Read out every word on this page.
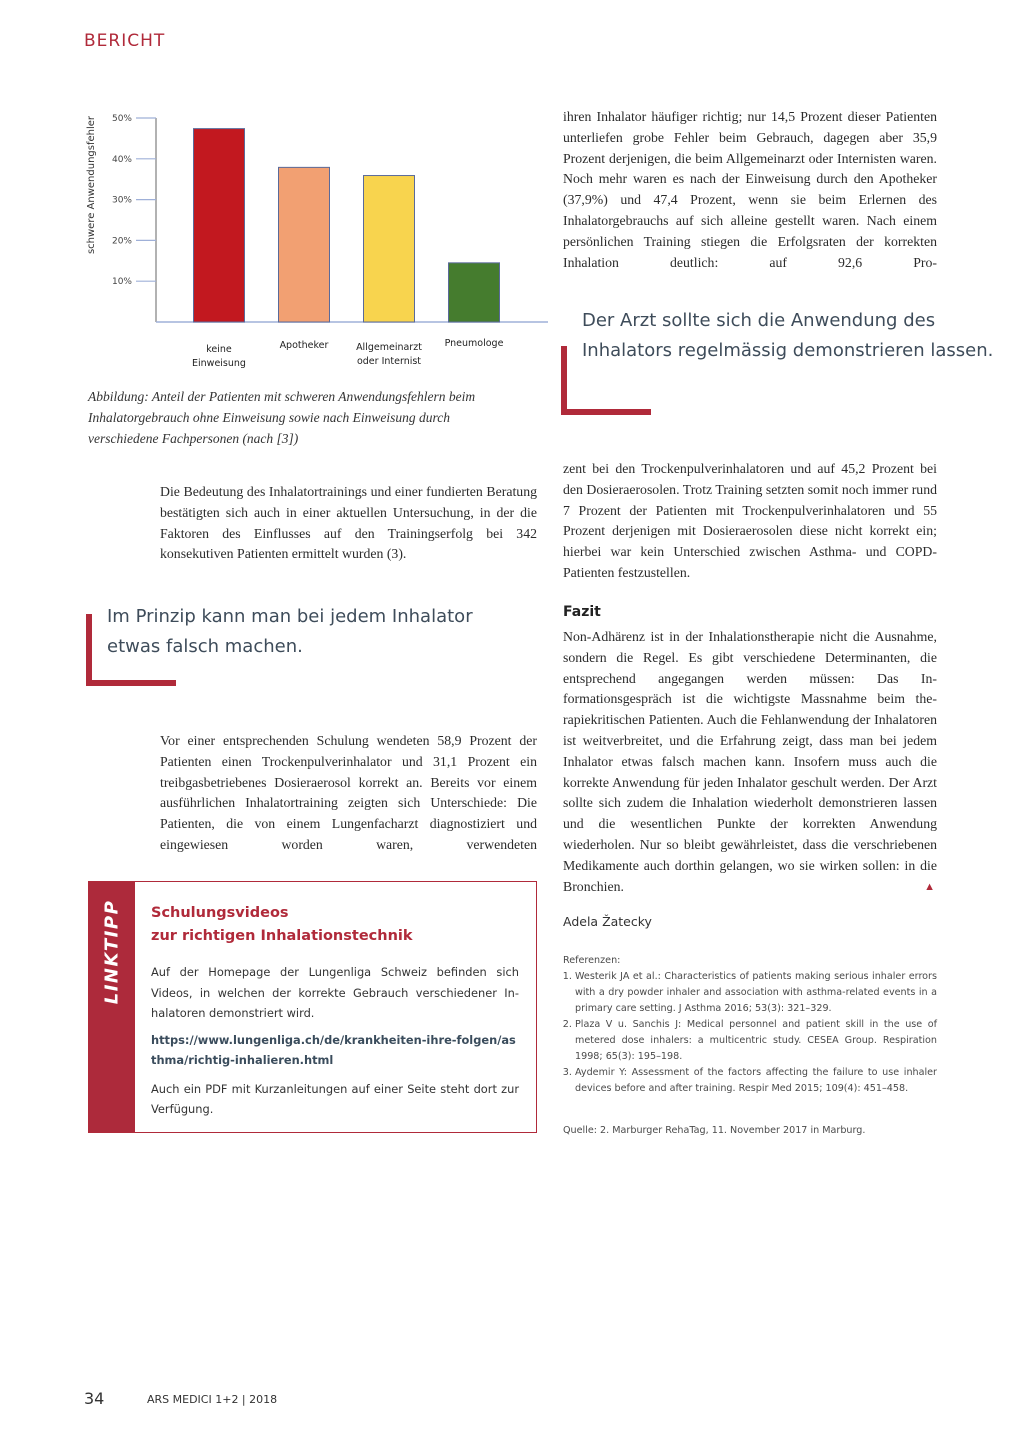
BERICHT
10%
20%
30%
40%
50%
schwere Anwendungsfehler
keine
Einweisung
Apotheker	Allgemeinarzt
oder Internist
Pneumologe
Abbildung: Anteil der Patienten mit schweren Anwendungsfehlern beim Inhalatorgebrauch ohne Einweisung sowie nach Einweisung durch verschiedene Fachpersonen (nach [3])

Die Bedeutung des Inhalatortrainings und einer fundierten Beratung bestätigten sich auch in einer aktuellen Untersuchung, in der die Faktoren des Einflusses auf den Trainingserfolg bei 342 konsekutiven Patienten ermittelt wurden (3).

Im Prinzip kann man bei jedem Inhalator etwas falsch machen.

Vor einer entsprechenden Schulung wendeten 58,9 Prozent der Patienten einen Trockenpulverinhalator und 31,1 Prozent ein treibgasbetriebenes Dosieraerosol korrekt an. Bereits vor einem ausführlichen Inhalatortraining zeigten sich Unterschiede: Die Patienten, die von einem Lungenfacharzt diagnostiziert und eingewiesen worden waren, verwendeten

LINKTIPP Schulungsvideos
zur richtigen Inhalationstechnik

Auf der Homepage der Lungenliga Schweiz befinden sich Videos, in welchen der korrekte Gebrauch verschiedener Inhalatoren demonstriert wird.

https://www.lungenliga.ch/de/krankheiten-ihre-folgen/asthma/richtig-inhalieren.html

Auch ein PDF mit Kurzanleitungen auf einer Seite steht dort zur Verfügung.

ihren Inhalator häufiger richtig; nur 14,5 Prozent dieser Patienten unterliefen grobe Fehler beim Gebrauch, dagegen aber 35,9 Prozent derjenigen, die beim Allgemeinarzt oder Internisten waren. Noch mehr waren es nach der Einweisung durch den Apotheker (37,9%) und 47,4 Prozent, wenn sie beim Erlernen des Inhalatorgebrauchs auf sich alleine gestellt waren. Nach einem persönlichen Training stiegen die Erfolgsraten der korrekten Inhalation deutlich: auf 92,6 Pro-

Der Arzt sollte sich die Anwendung des Inhalators regelmässig demonstrieren lassen.

zent bei den Trockenpulverinhalatoren und auf 45,2 Prozent bei den Dosieraerosolen. Trotz Training setzten somit noch immer rund 7 Prozent der Patienten mit Trockenpulverinhalatoren und 55 Prozent derjenigen mit Dosieraerosolen diese nicht korrekt ein; hierbei war kein Unterschied zwischen Asthma- und COPD-Patienten festzustellen.

Fazit

Non-Adhärenz ist in der Inhalationstherapie nicht die Ausnahme, sondern die Regel. Es gibt verschiedene Determinanten, die entsprechend angegangen werden müssen: Das Informationsgespräch ist die wichtigste Massnahme beim therapiekritischen Patienten. Auch die Fehlanwendung der Inhalatoren ist weitverbreitet, und die Erfahrung zeigt, dass man bei jedem Inhalator etwas falsch machen kann. Insofern muss auch die korrekte Anwendung für jeden Inhalator geschult werden. Der Arzt sollte sich zudem die Inhalation wiederholt demonstrieren lassen und die wesentlichen Punkte der korrekten Anwendung wiederholen. Nur so bleibt gewährleistet, dass die verschriebenen Medikamente auch dorthin gelangen, wo sie wirken sollen: in die Bronchien.	▲

Adela Žatecky
Referenzen:
1. Westerik JA et al.: Characteristics of patients making serious inhaler errors with a dry powder inhaler and association with asthma-related events in a primary care setting. J Asthma 2016; 53(3): 321–329.
2. Plaza V u. Sanchis J: Medical personnel and patient skill in the use of metered dose inhalers: a multicentric study. CESEA Group. Respiration 1998; 65(3): 195–198.
3. Aydemir Y: Assessment of the factors affecting the failure to use inhaler devices before and after training. Respir Med 2015; 109(4): 451–458.
Quelle: 2. Marburger RehaTag, 11. November 2017 in Marburg.
34	ARS MEDICI 1+2 | 2018
